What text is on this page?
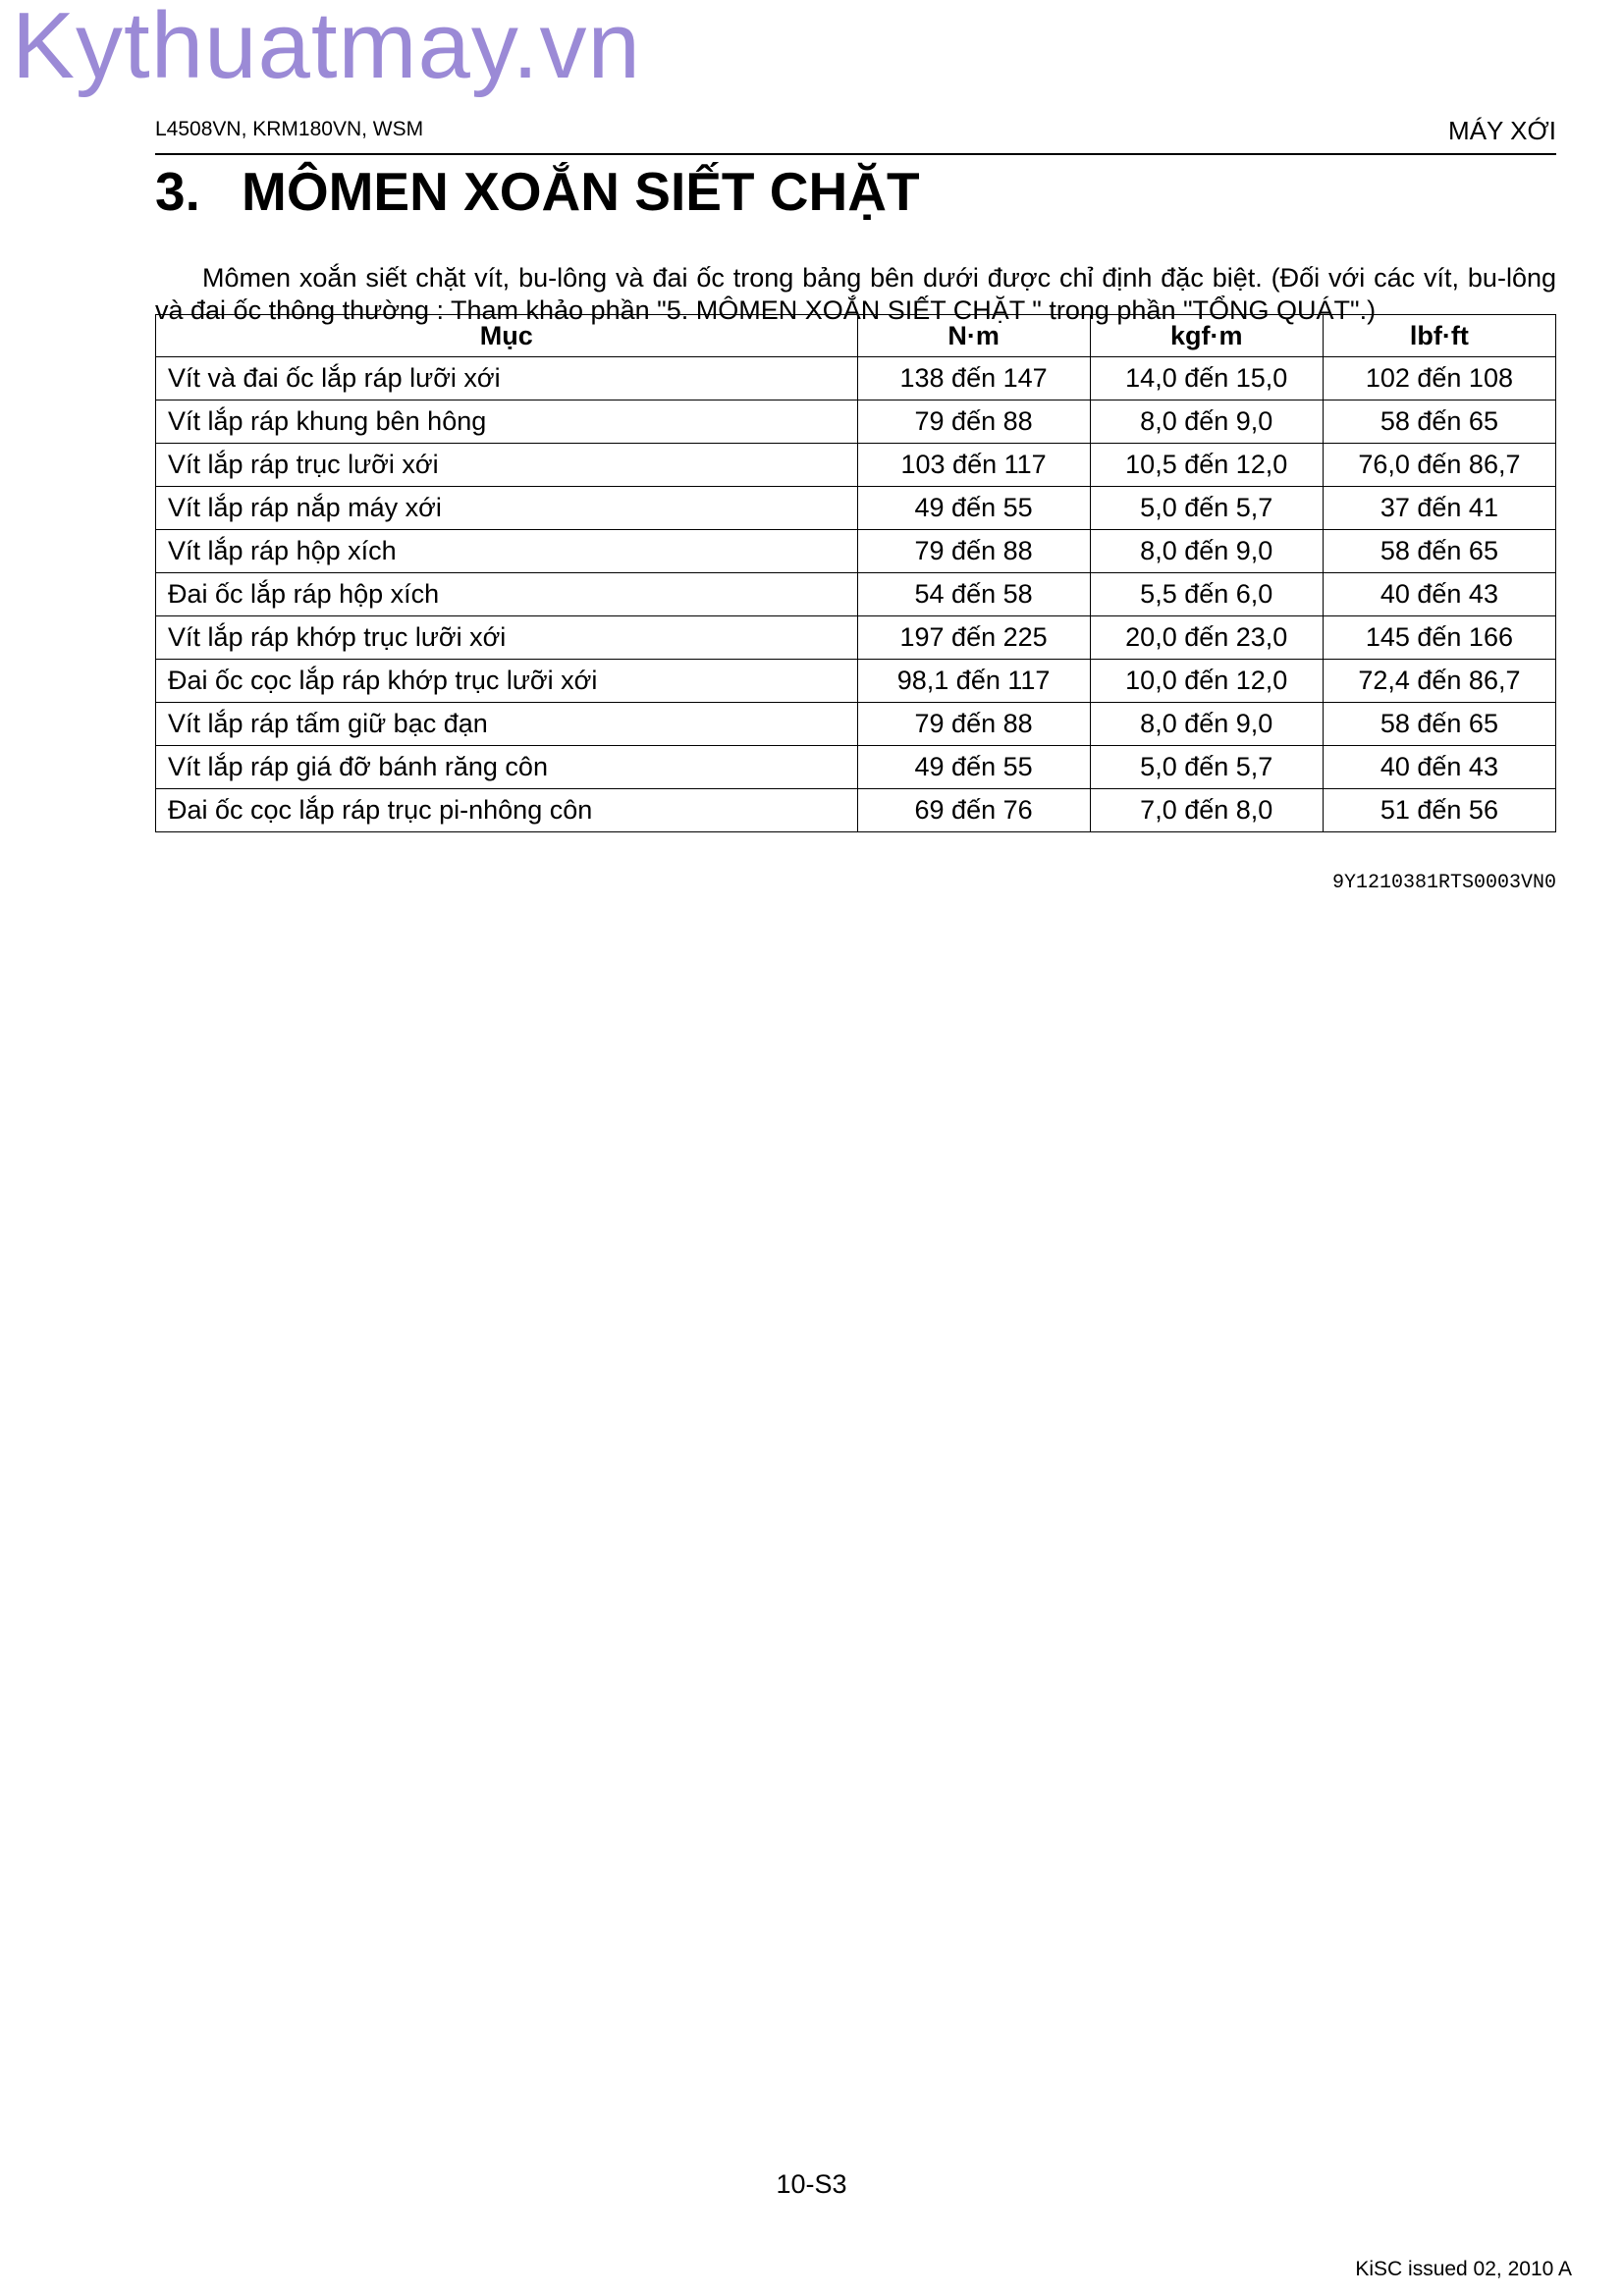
Kythuatmay.vn
L4508VN, KRM180VN, WSM	MÁY XỚI
3. MÔMEN XOẮN SIẾT CHẶT

Mômen xoắn siết chặt vít, bu-lông và đai ốc trong bảng bên dưới được chỉ định đặc biệt. (Đối với các vít, bu-lông và đai ốc thông thường : Tham khảo phần "5. MÔMEN XOẮN SIẾT CHẶT " trong phần "TỔNG QUÁT".)

Mục	N·m	kgf·m	lbf·ft
Vít và đai ốc lắp ráp lưỡi xới	138 đến 147	14,0 đến 15,0	102 đến 108
Vít lắp ráp khung bên hông	79 đến 88	8,0 đến 9,0	58 đến 65
Vít lắp ráp trục lưỡi xới	103 đến 117	10,5 đến 12,0	76,0 đến 86,7
Vít lắp ráp nắp máy xới	49 đến 55	5,0 đến 5,7	37 đến 41
Vít lắp ráp hộp xích	79 đến 88	8,0 đến 9,0	58 đến 65
Đai ốc lắp ráp hộp xích	54 đến 58	5,5 đến 6,0	40 đến 43
Vít lắp ráp khớp trục lưỡi xới	197 đến 225	20,0 đến 23,0	145 đến 166
Đai ốc cọc lắp ráp khớp trục lưỡi xới	98,1 đến 117	10,0 đến 12,0	72,4 đến 86,7
Vít lắp ráp tấm giữ bạc đạn	79 đến 88	8,0 đến 9,0	58 đến 65
Vít lắp ráp giá đỡ bánh răng côn	49 đến 55	5,0 đến 5,7	40 đến 43
Đai ốc cọc lắp ráp trục pi-nhông côn	69 đến 76	7,0 đến 8,0	51 đến 56
9Y1210381RTS0003VN0
10-S3
KiSC issued 02, 2010 A
